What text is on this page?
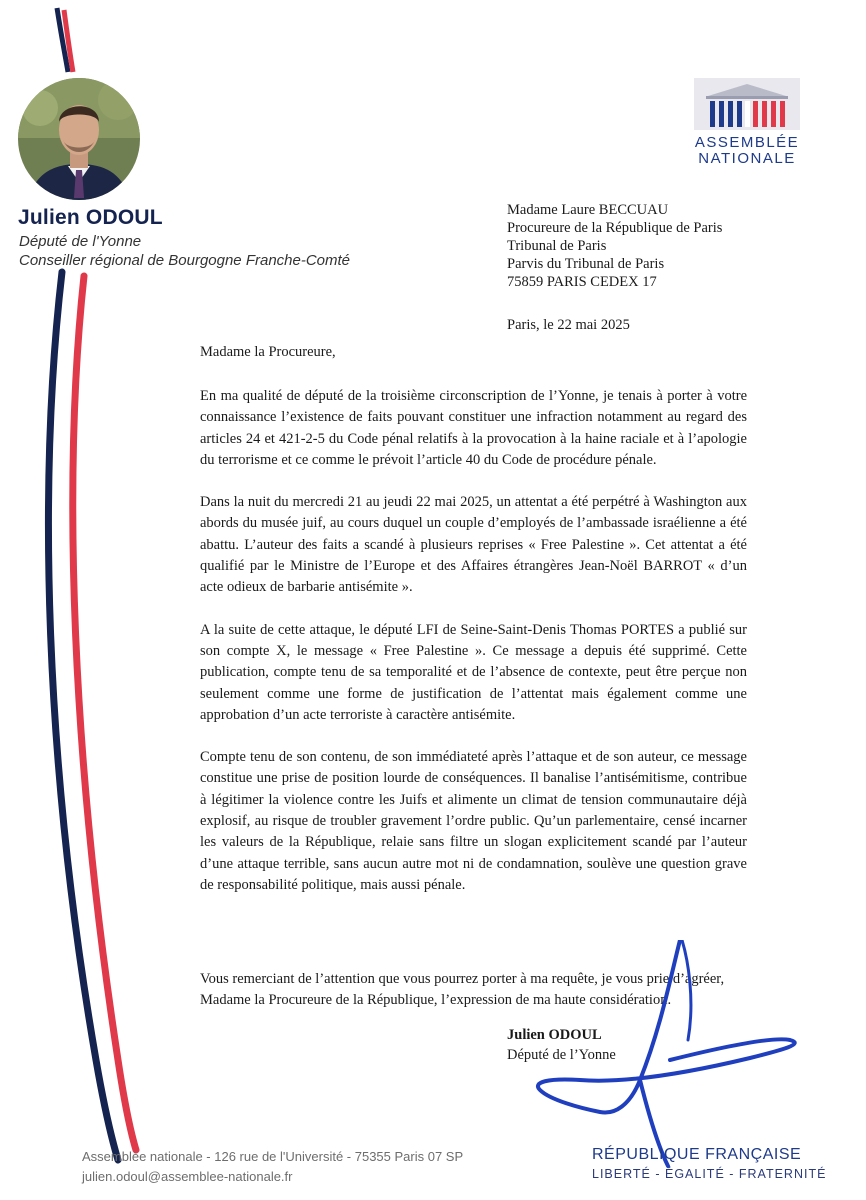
Julien ODOUL
Député de l'Yonne
Conseiller régional de Bourgogne Franche-Comté
ASSEMBLÉE
NATIONALE
Madame Laure BECCUAU
Procureure de la République de Paris
Tribunal de Paris
Parvis du Tribunal de Paris
75859 PARIS CEDEX 17
Paris, le 22 mai 2025
Madame la Procureure,

En ma qualité de député de la troisième circonscription de l’Yonne, je tenais à porter à votre connaissance l’existence de faits pouvant constituer une infraction notamment au regard des articles 24 et 421-2-5 du Code pénal relatifs à la provocation à la haine raciale et à l’apologie du terrorisme et ce comme le prévoit l’article 40 du Code de procédure pénale.

Dans la nuit du mercredi 21 au jeudi 22 mai 2025, un attentat a été perpétré à Washington aux abords du musée juif, au cours duquel un couple d’employés de l’ambassade israélienne a été abattu. L’auteur des faits a scandé à plusieurs reprises « Free Palestine ». Cet attentat a été qualifié par le Ministre de l’Europe et des Affaires étrangères Jean-Noël BARROT « d’un acte odieux de barbarie antisémite ».

A la suite de cette attaque, le député LFI de Seine-Saint-Denis Thomas PORTES a publié sur son compte X, le message « Free Palestine ». Ce message a depuis été supprimé. Cette publication, compte tenu de sa temporalité et de l’absence de contexte, peut être perçue non seulement comme une forme de justification de l’attentat mais également comme une approbation d’un acte terroriste à caractère antisémite.

Compte tenu de son contenu, de son immédiateté après l’attaque et de son auteur, ce message constitue une prise de position lourde de conséquences. Il banalise l’antisémitisme, contribue à légitimer la violence contre les Juifs et alimente un climat de tension communautaire déjà explosif, au risque de troubler gravement l’ordre public. Qu’un parlementaire, censé incarner les valeurs de la République, relaie sans filtre un slogan explicitement scandé par l’auteur d’une attaque terrible, sans aucun autre mot ni de condamnation, soulève une question grave de responsabilité politique, mais aussi pénale.

Vous remerciant de l’attention que vous pourrez porter à ma requête, je vous prie d’agréer,

Madame la Procureure de la République, l’expression de ma haute considération.

Julien ODOUL
Député de l’Yonne
Assemblée nationale - 126 rue de l'Université - 75355 Paris 07 SP
julien.odoul@assemblee-nationale.fr
RÉPUBLIQUE FRANÇAISE
LIBERTÉ - ÉGALITÉ - FRATERNITÉ
